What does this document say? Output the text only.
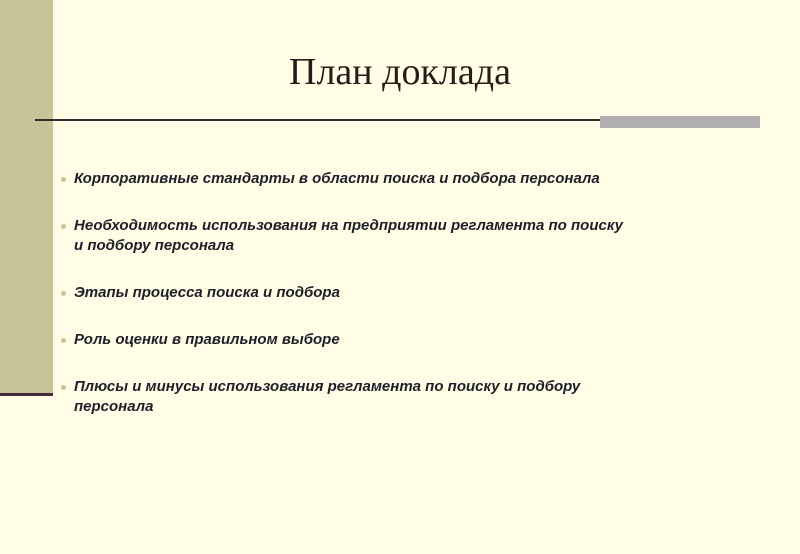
План доклада
Корпоративные стандарты в области поиска и подбора персонала
Необходимость использования на предприятии регламента по поиску
и подбору персонала
Этапы процесса поиска и подбора
Роль оценки в правильном выборе
Плюсы и минусы использования регламента по поиску и подбору
персонала
